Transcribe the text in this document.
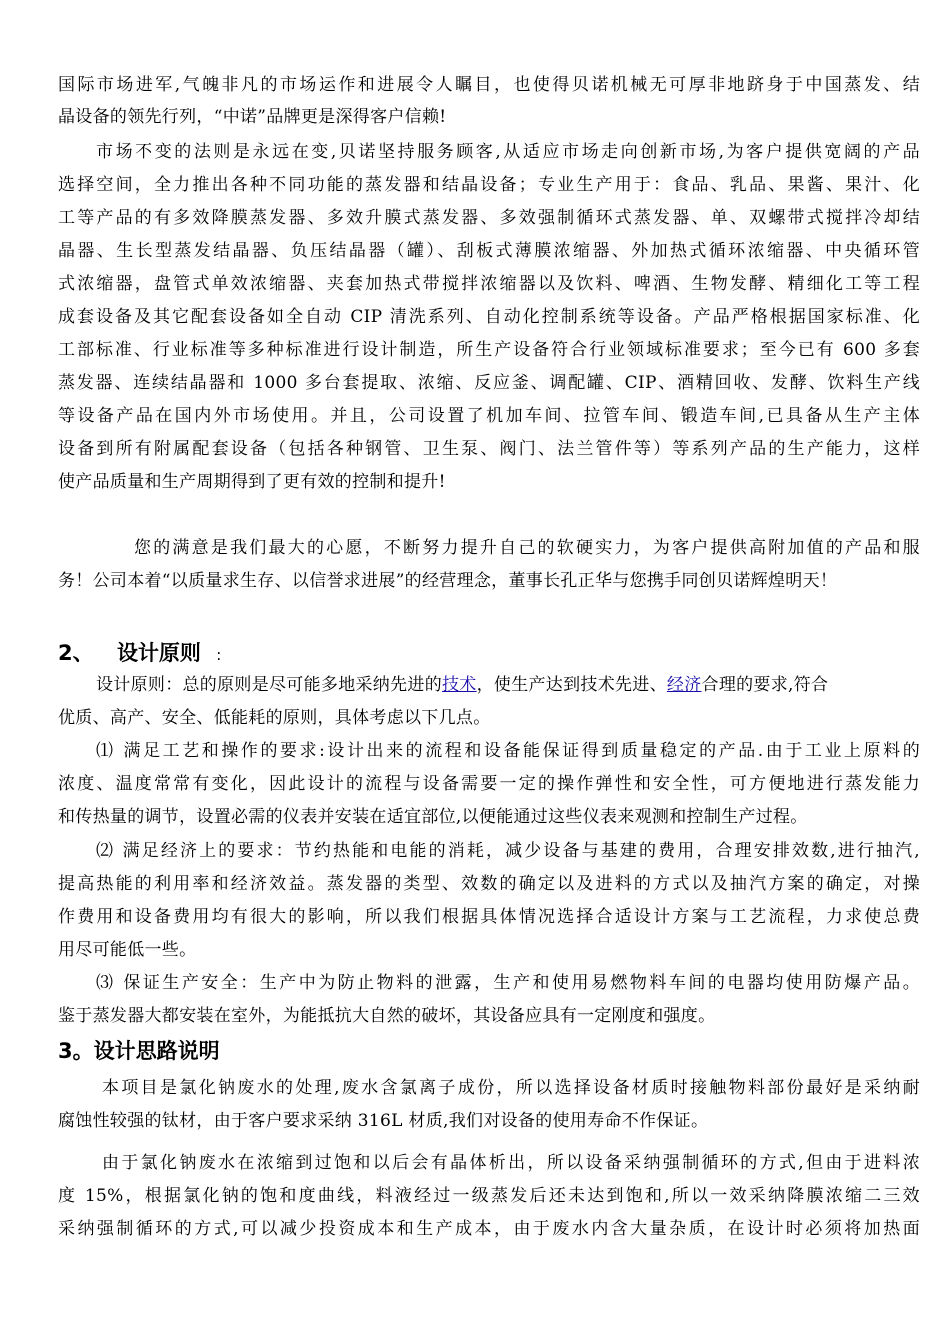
国际市场进军,气魄非凡的市场运作和进展令人瞩目，也使得贝诺机械无可厚非地跻身于中国蒸发、结
晶设备的领先行列，“中诺”品牌更是深得客户信赖!
市场不变的法则是永远在变,贝诺坚持服务顾客,从适应市场走向创新市场,为客户提供宽阔的产品
选择空间，全力推出各种不同功能的蒸发器和结晶设备；专业生产用于：食品、乳品、果酱、果汁、化
工等产品的有多效降膜蒸发器、多效升膜式蒸发器、多效强制循环式蒸发器、单、双螺带式搅拌冷却结
晶器、生长型蒸发结晶器、负压结晶器（罐）、刮板式薄膜浓缩器、外加热式循环浓缩器、中央循环管
式浓缩器，盘管式单效浓缩器、夹套加热式带搅拌浓缩器以及饮料、啤酒、生物发酵、精细化工等工程
成套设备及其它配套设备如全自动 CIP 清洗系列、自动化控制系统等设备。产品严格根据国家标准、化
工部标准、行业标准等多种标准进行设计制造，所生产设备符合行业领域标准要求；至今已有 600 多套
蒸发器、连续结晶器和 1000 多台套提取、浓缩、反应釜、调配罐、CIP、酒精回收、发酵、饮料生产线
等设备产品在国内外市场使用。并且，公司设置了机加车间、拉管车间、锻造车间,已具备从生产主体
设备到所有附属配套设备（包括各种钢管、卫生泵、阀门、法兰管件等）等系列产品的生产能力，这样
使产品质量和生产周期得到了更有效的控制和提升!
您的满意是我们最大的心愿，不断努力提升自己的软硬实力，为客户提供高附加值的产品和服
务！公司本着“以质量求生存、以信誉求进展”的经营理念，董事长孔正华与您携手同创贝诺辉煌明天！
2、 设计原则 :
设计原则：总的原则是尽可能多地采纳先进的技术，使生产达到技术先进、经济合理的要求,符合
优质、高产、安全、低能耗的原则，具体考虑以下几点。
⑴ 满足工艺和操作的要求:设计出来的流程和设备能保证得到质量稳定的产品.由于工业上原料的
浓度、温度常常有变化，因此设计的流程与设备需要一定的操作弹性和安全性，可方便地进行蒸发能力
和传热量的调节，设置必需的仪表并安装在适宜部位,以便能通过这些仪表来观测和控制生产过程。
⑵ 满足经济上的要求：节约热能和电能的消耗，减少设备与基建的费用，合理安排效数,进行抽汽,
提高热能的利用率和经济效益。蒸发器的类型、效数的确定以及进料的方式以及抽汽方案的确定，对操
作费用和设备费用均有很大的影响，所以我们根据具体情况选择合适设计方案与工艺流程，力求使总费
用尽可能低一些。
⑶ 保证生产安全：生产中为防止物料的泄露，生产和使用易燃物料车间的电器均使用防爆产品。
鉴于蒸发器大都安装在室外，为能抵抗大自然的破坏，其设备应具有一定刚度和强度。
3。设计思路说明
本项目是氯化钠废水的处理,废水含氯离子成份，所以选择设备材质时接触物料部份最好是采纳耐
腐蚀性较强的钛材，由于客户要求采纳 316L 材质,我们对设备的使用寿命不作保证。
由于氯化钠废水在浓缩到过饱和以后会有晶体析出，所以设备采纳强制循环的方式,但由于进料浓
度 15%，根据氯化钠的饱和度曲线，料液经过一级蒸发后还未达到饱和,所以一效采纳降膜浓缩二三效
采纳强制循环的方式,可以减少投资成本和生产成本，由于废水内含大量杂质，在设计时必须将加热面
